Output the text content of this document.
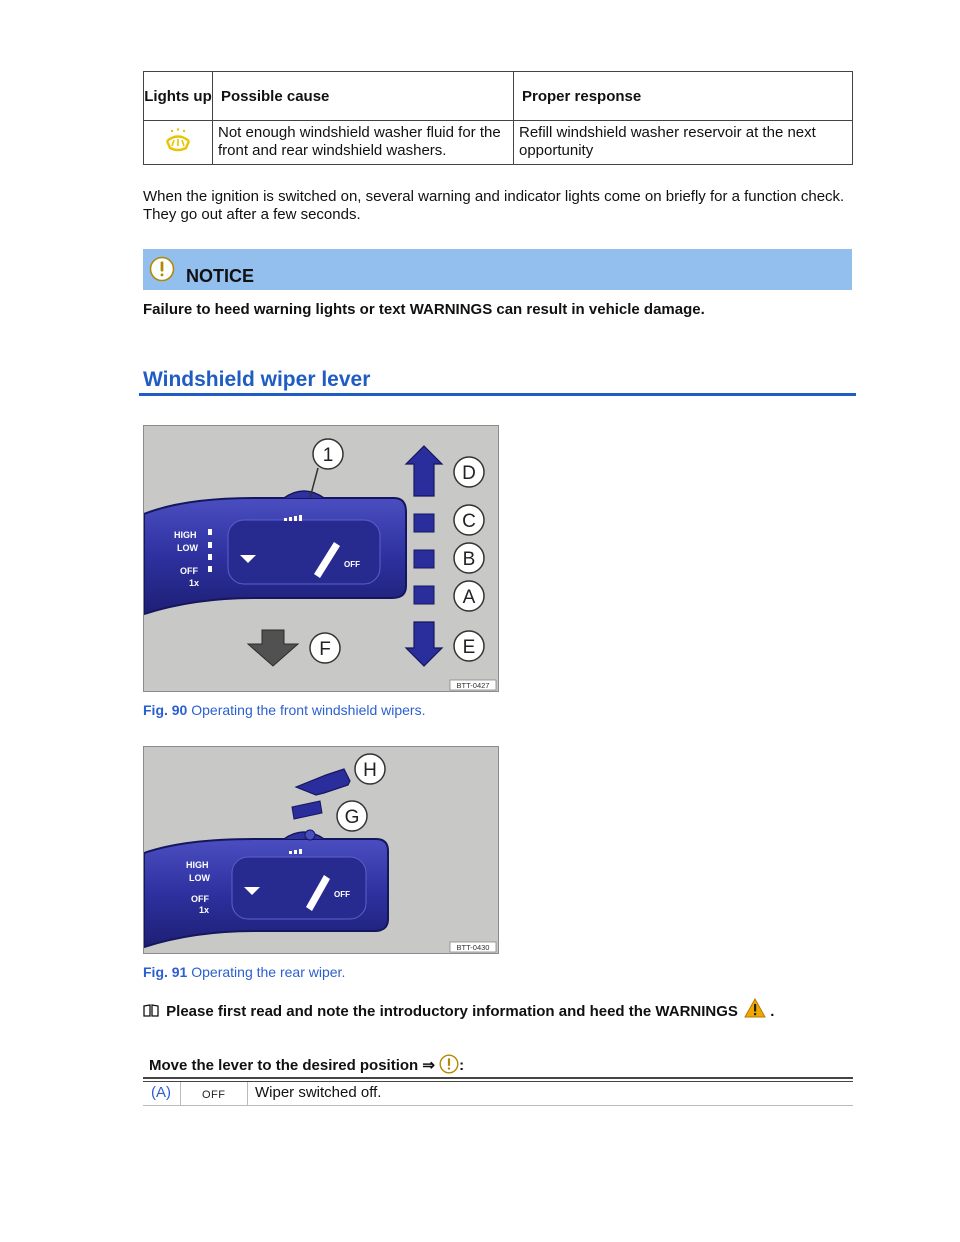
Lights up	Possible cause	Proper response
	Not enough windshield washer fluid for the front and rear windshield washers.	Refill windshield washer reservoir at the next opportunity
When the ignition is switched on, several warning and indicator lights come on briefly for a function check. They go out after a few seconds.
NOTICE
Failure to heed warning lights or text WARNINGS can result in vehicle damage.
Windshield wiper lever
HIGH
LOW
OFF
1x
OFF
1
D
C
B
A
E
F
BTT-0427
Fig. 90 Operating the front windshield wipers.
HIGH
LOW
OFF
1x
OFF
H
G
BTT-0430
Fig. 91 Operating the rear wiper.
Please first read and note the introductory information and heed the WARNINGS .
Move the lever to the desired position ⇒ :
(A)	OFF Wiper switched off.
